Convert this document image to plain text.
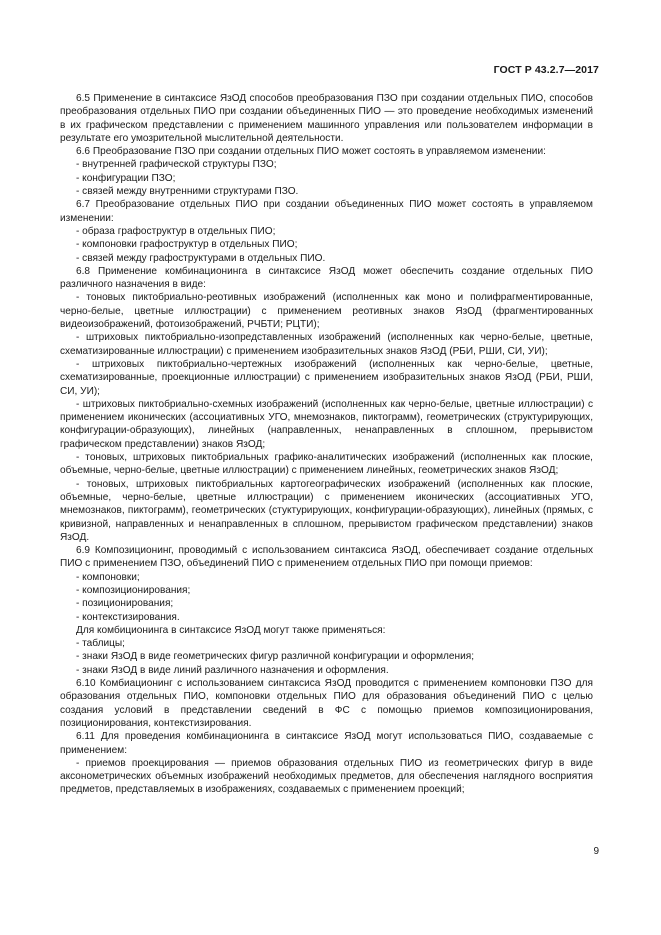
ГОСТ Р 43.2.7—2017

6.5 Применение в синтаксисе ЯзОД способов преобразования ПЗО при создании отдельных ПИО, способов преобразования отдельных ПИО при создании объединенных ПИО — это проведение необходимых изменений в их графическом представлении с применением машинного управления или пользователем информации в результате его умозрительной мыслительной деятельности.

6.6 Преобразование ПЗО при создании отдельных ПИО может состоять в управляемом изменении:

- внутренней графической структуры ПЗО;

- конфигурации ПЗО;

- связей между внутренними структурами ПЗО.

6.7 Преобразование отдельных ПИО при создании объединенных ПИО может состоять в управляемом изменении:

- образа графоструктур в отдельных ПИО;

- компоновки графоструктур в отдельных ПИО;

- связей между графоструктурами в отдельных ПИО.

6.8 Применение комбинационинга в синтаксисе ЯзОД может обеспечить создание отдельных ПИО различного назначения в виде:

- тоновых пиктобриально-реотивных изображений (исполненных как моно и полифрагментированные, черно-белые, цветные иллюстрации) с применением реотивных знаков ЯзОД (фрагментированных видеоизображений, фотоизображений, РЧБТИ; РЦТИ);

- штриховых пиктобриально-изопредставленных изображений (исполненных как черно-белые, цветные, схематизированные иллюстрации) с применением изобразительных знаков ЯзОД (РБИ, РШИ, СИ, УИ);

- штриховых пиктобриально-чертежных изображений (исполненных как черно-белые, цветные, схематизированные, проекционные иллюстрации) с применением изобразительных знаков ЯзОД (РБИ, РШИ, СИ, УИ);

- штриховых пиктобриально-схемных изображений (исполненных как черно-белые, цветные иллюстрации) с применением иконических (ассоциативных УГО, мнемознаков, пиктограмм), геометрических (структурирующих, конфигурации-образующих), линейных (направленных, ненаправленных в сплошном, прерывистом графическом представлении) знаков ЯзОД;

- тоновых, штриховых пиктобриальных графико-аналитических изображений (исполненных как плоские, объемные, черно-белые, цветные иллюстрации) с применением линейных, геометрических знаков ЯзОД;

- тоновых, штриховых пиктобриальных картогеографических изображений (исполненных как плоские, объемные, черно-белые, цветные иллюстрации) с применением иконических (ассоциативных УГО, мнемознаков, пиктограмм), геометрических (стуктурирующих, конфигурации-образующих), линейных (прямых, с кривизной, направленных и ненаправленных в сплошном, прерывистом графическом представлении) знаков ЯзОД.

6.9 Композиционинг, проводимый с использованием синтаксиса ЯзОД, обеспечивает создание отдельных ПИО с применением ПЗО, объединений ПИО с применением отдельных ПИО при помощи приемов:

- компоновки;

- композиционирования;

- позиционирования;

- контекстизирования.

Для комбиционинга в синтаксисе ЯзОД могут также применяться:

- таблицы;

- знаки ЯзОД в виде геометрических фигур различной конфигурации и оформления;

- знаки ЯзОД в виде линий различного назначения и оформления.

6.10 Комбиационинг с использованием синтаксиса ЯзОД проводится с применением компоновки ПЗО для образования отдельных ПИО, компоновки отдельных ПИО для образования объединений ПИО с целью создания условий в представлении сведений в ФС с помощью приемов композиционирования, позиционирования, контекстизирования.

6.11 Для проведения комбинационинга в синтаксисе ЯзОД могут использоваться ПИО, создаваемые с применением:

- приемов проекцирования — приемов образования отдельных ПИО из геометрических фигур в виде аксонометрических объемных изображений необходимых предметов, для обеспечения наглядного восприятия предметов, представляемых в изображениях, создаваемых с применением проекций;

9
